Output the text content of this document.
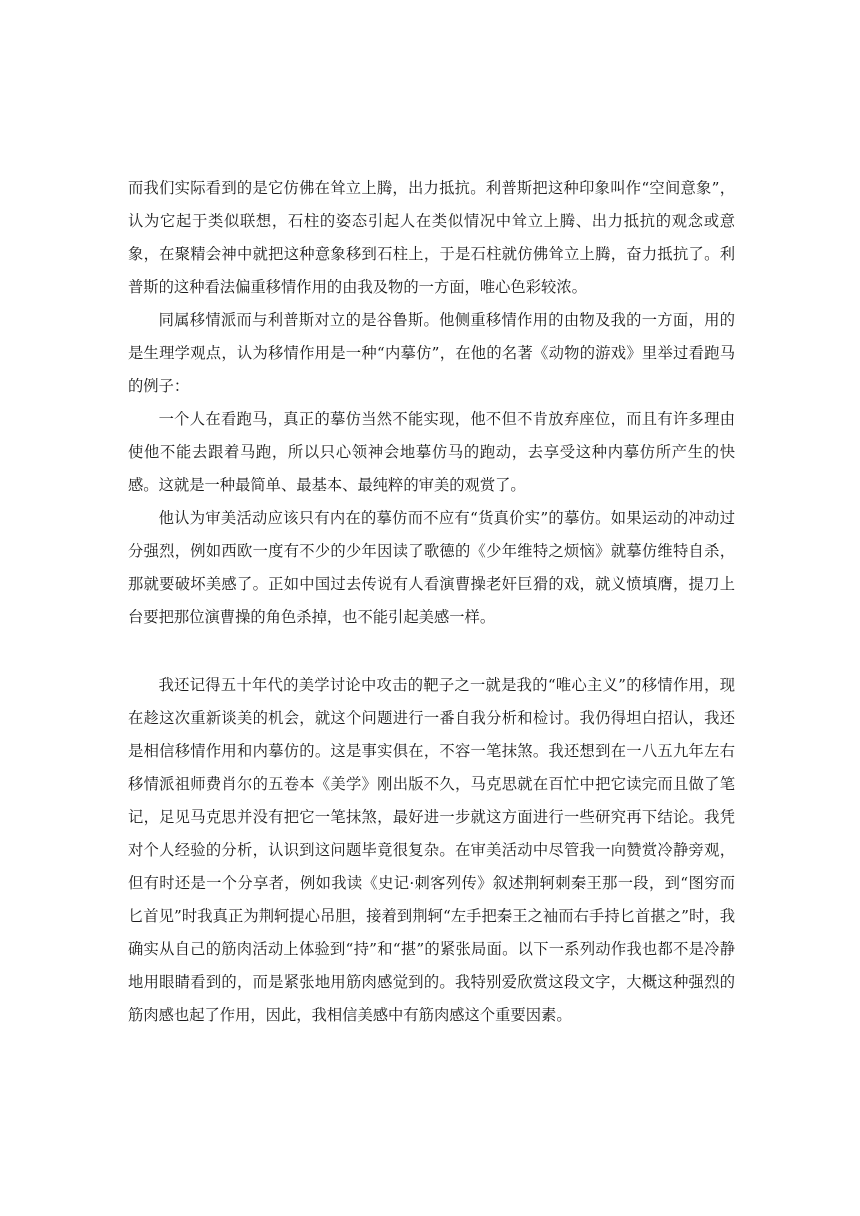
而我们实际看到的是它仿佛在耸立上腾，出力抵抗。利普斯把这种印象叫作“空间意象”，认为它起于类似联想，石柱的姿态引起人在类似情况中耸立上腾、出力抵抗的观念或意象，在聚精会神中就把这种意象移到石柱上，于是石柱就仿佛耸立上腾，奋力抵抗了。利普斯的这种看法偏重移情作用的由我及物的一方面，唯心色彩较浓。

同属移情派而与利普斯对立的是谷鲁斯。他侧重移情作用的由物及我的一方面，用的是生理学观点，认为移情作用是一种“内摹仿”，在他的名著《动物的游戏》里举过看跑马的例子：

一个人在看跑马，真正的摹仿当然不能实现，他不但不肯放弃座位，而且有许多理由使他不能去跟着马跑，所以只心领神会地摹仿马的跑动，去享受这种内摹仿所产生的快感。这就是一种最简单、最基本、最纯粹的审美的观赏了。

他认为审美活动应该只有内在的摹仿而不应有“货真价实”的摹仿。如果运动的冲动过分强烈，例如西欧一度有不少的少年因读了歌德的《少年维特之烦恼》就摹仿维特自杀，那就要破坏美感了。正如中国过去传说有人看演曹操老奸巨猾的戏，就义愤填膺，提刀上台要把那位演曹操的角色杀掉，也不能引起美感一样。

我还记得五十年代的美学讨论中攻击的靶子之一就是我的“唯心主义”的移情作用，现在趁这次重新谈美的机会，就这个问题进行一番自我分析和检讨。我仍得坦白招认，我还是相信移情作用和内摹仿的。这是事实俱在，不容一笔抹煞。我还想到在一八五九年左右移情派祖师费肖尔的五卷本《美学》刚出版不久，马克思就在百忙中把它读完而且做了笔记，足见马克思并没有把它一笔抹煞，最好进一步就这方面进行一些研究再下结论。我凭对个人经验的分析，认识到这问题毕竟很复杂。在审美活动中尽管我一向赞赏冷静旁观，但有时还是一个分享者，例如我读《史记·刺客列传》叙述荆轲刺秦王那一段，到“图穷而匕首见”时我真正为荆轲提心吊胆，接着到荆轲“左手把秦王之袖而右手持匕首揕之”时，我确实从自己的筋肉活动上体验到“持”和“揕”的紧张局面。以下一系列动作我也都不是冷静地用眼睛看到的，而是紧张地用筋肉感觉到的。我特别爱欣赏这段文字，大概这种强烈的筋肉感也起了作用，因此，我相信美感中有筋肉感这个重要因素。
